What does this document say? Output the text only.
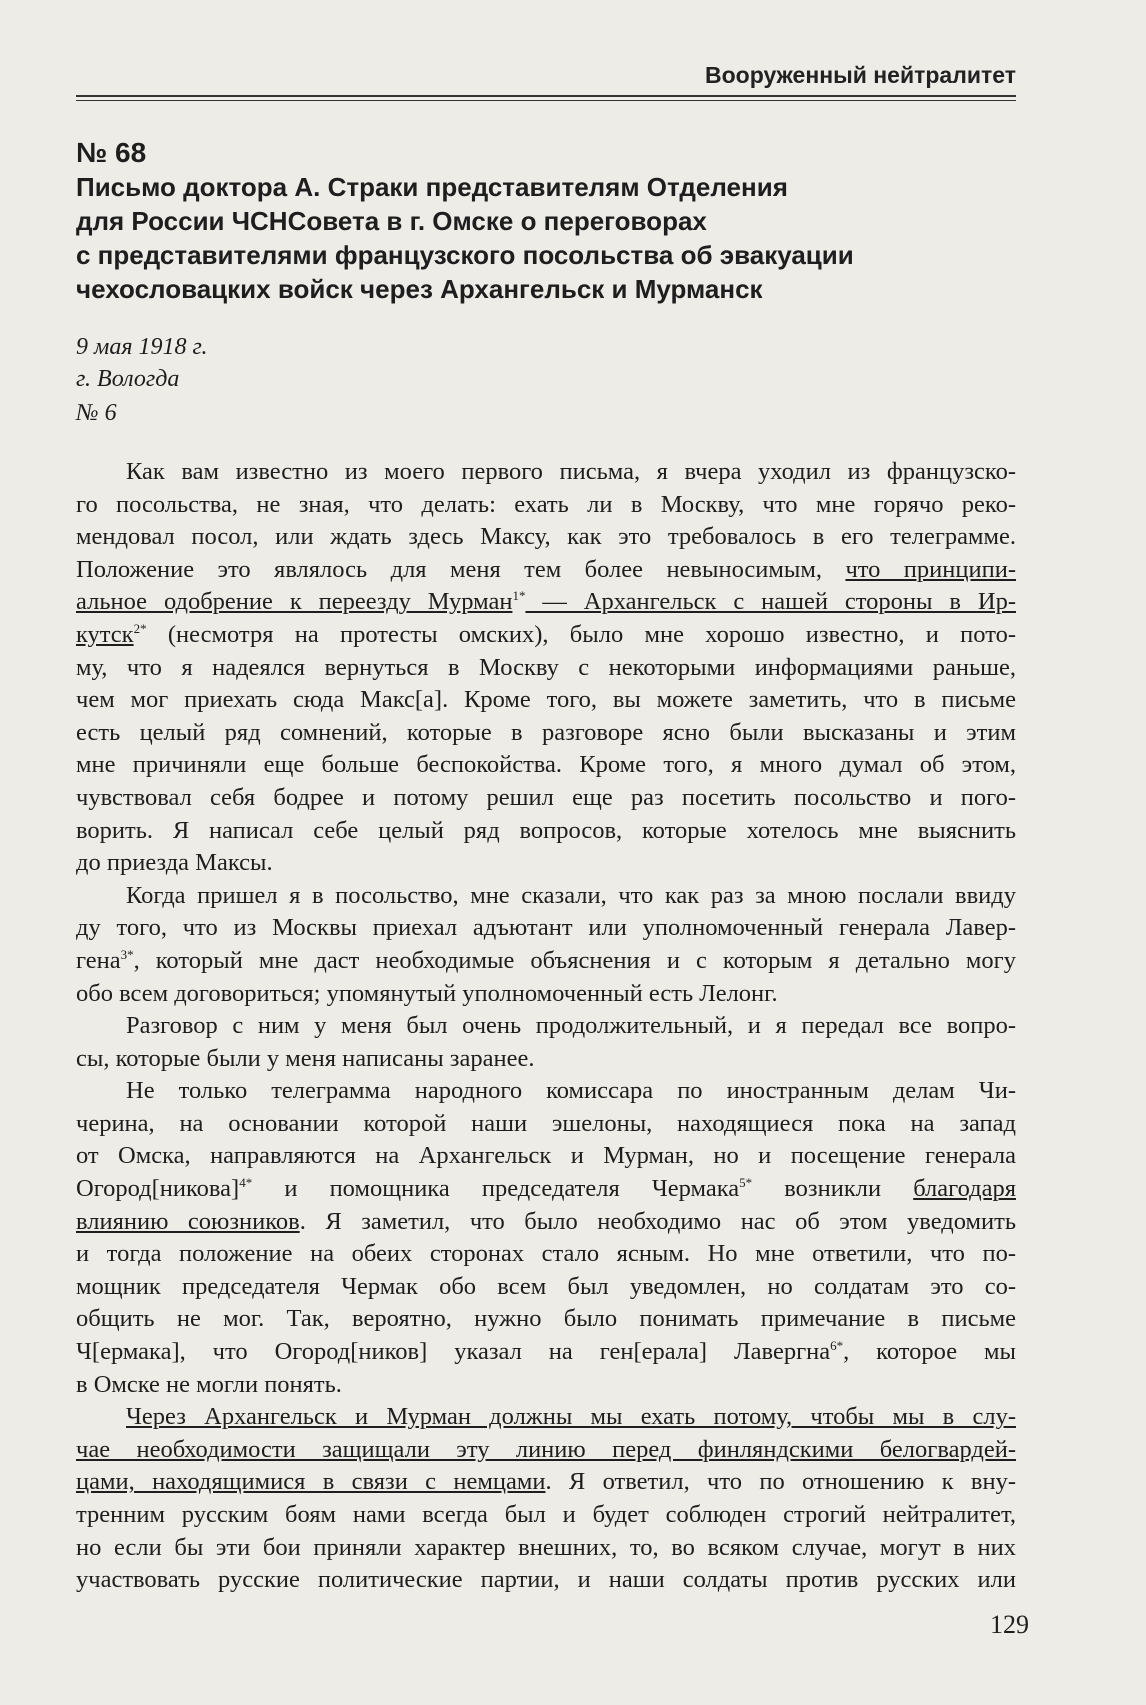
Вооруженный нейтралитет
№ 68
Письмо доктора А. Страки представителям Отделения
для России ЧСНСовета в г. Омске о переговорах
с представителями французского посольства об эвакуации
чехословацких войск через Архангельск и Мурманск
9 мая 1918 г.
г. Вологда
№ 6
Как вам известно из моего первого письма, я вчера уходил из французско-
го посольства, не зная, что делать: ехать ли в Москву, что мне горячо реко-
мендовал посол, или ждать здесь Максу, как это требовалось в его телеграмме.
Положение это являлось для меня тем более невыносимым, что принципи-
альное одобрение к переезду Мурман$^{1*}$ — Архангельск с нашей стороны в Ир-
кутск$^{2*}$ (несмотря на протесты омских), было мне хорошо известно, и пото-
му, что я надеялся вернуться в Москву с некоторыми информациями раньше,
чем мог приехать сюда Макс[а]. Кроме того, вы можете заметить, что в письме
есть целый ряд сомнений, которые в разговоре ясно были высказаны и этим
мне причиняли еще больше беспокойства. Кроме того, я много думал об этом,
чувствовал себя бодрее и потому решил еще раз посетить посольство и пого-
ворить. Я написал себе целый ряд вопросов, которые хотелось мне выяснить
до приезда Максы.
Когда пришел я в посольство, мне сказали, что как раз за мною послали ввиду
ду того, что из Москвы приехал адъютант или уполномоченный генерала Лавер-
гена$^{3*}$, который мне даст необходимые объяснения и с которым я детально могу
обо всем договориться; упомянутый уполномоченный есть Лелонг.
Разговор с ним у меня был очень продолжительный, и я передал все вопро-
сы, которые были у меня написаны заранее.
Не только телеграмма народного комиссара по иностранным делам Чи-
черина, на основании которой наши эшелоны, находящиеся пока на запад
от Омска, направляются на Архангельск и Мурман, но и посещение генерала
Огород[никова]$^{4*}$ и помощника председателя Чермака$^{5*}$ возникли благодаря
влиянию союзников. Я заметил, что было необходимо нас об этом уведомить
и тогда положение на обеих сторонах стало ясным. Но мне ответили, что по-
мощник председателя Чермак обо всем был уведомлен, но солдатам это со-
общить не мог. Так, вероятно, нужно было понимать примечание в письме
Ч[ермака], что Огород[ников] указал на ген[ерала] Лавергна$^{6*}$, которое мы
в Омске не могли понять.
Через Архангельск и Мурман должны мы ехать потому, чтобы мы в слу-
чае необходимости защищали эту линию перед финляндскими белогвардей-
цами, находящимися в связи с немцами. Я ответил, что по отношению к вну-
тренним русским боям нами всегда был и будет соблюден строгий нейтралитет,
но если бы эти бои приняли характер внешних, то, во всяком случае, могут в них
участвовать русские политические партии, и наши солдаты против русских или
129
